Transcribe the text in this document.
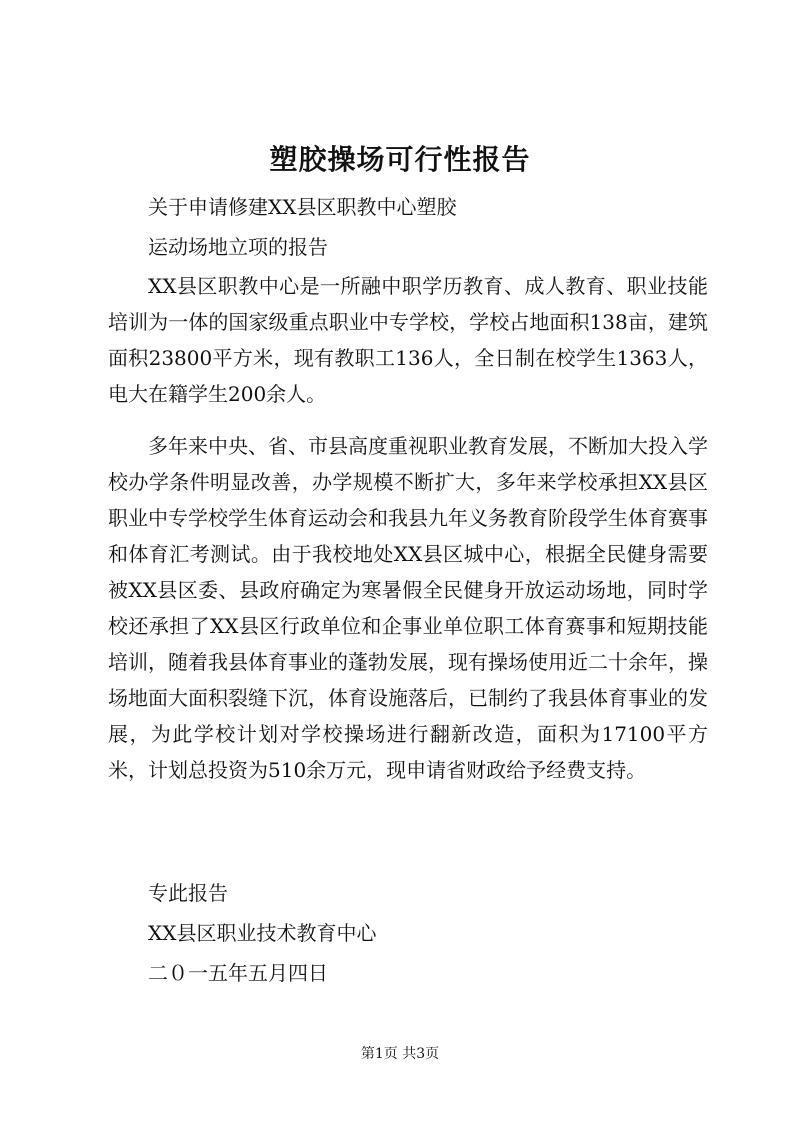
塑胶操场可行性报告

关于申请修建XX县区职教中心塑胶

运动场地立项的报告

XX县区职教中心是一所融中职学历教育、成人教育、职业技能培训为一体的国家级重点职业中专学校，学校占地面积138亩，建筑面积23800平方米，现有教职工136人，全日制在校学生1363人，电大在籍学生200余人。

多年来中央、省、市县高度重视职业教育发展，不断加大投入学校办学条件明显改善，办学规模不断扩大，多年来学校承担XX县区职业中专学校学生体育运动会和我县九年义务教育阶段学生体育赛事和体育汇考测试。由于我校地处XX县区城中心，根据全民健身需要被XX县区委、县政府确定为寒暑假全民健身开放运动场地，同时学校还承担了XX县区行政单位和企事业单位职工体育赛事和短期技能培训，随着我县体育事业的蓬勃发展，现有操场使用近二十余年，操场地面大面积裂缝下沉，体育设施落后，已制约了我县体育事业的发展，为此学校计划对学校操场进行翻新改造，面积为17100平方米，计划总投资为510余万元，现申请省财政给予经费支持。

专此报告

XX县区职业技术教育中心

二０一五年五月四日

第1页 共3页
